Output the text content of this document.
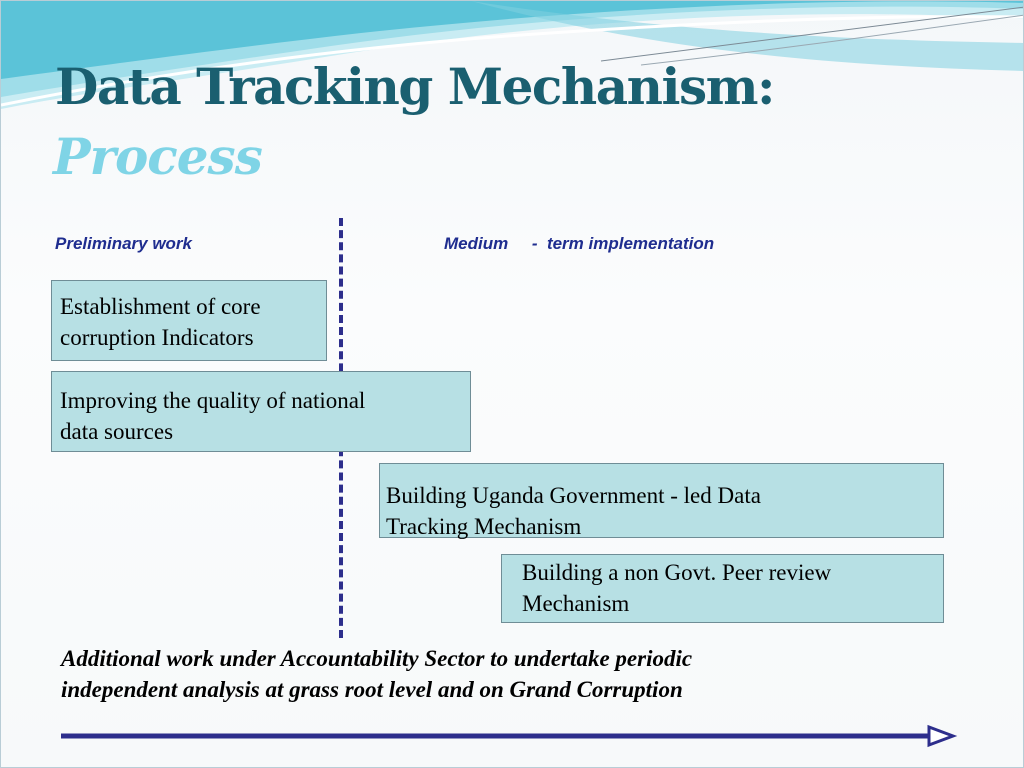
Data Tracking Mechanism:
Process
Preliminary work	Medium     -  term implementation
Establishment of core
corruption Indicators
Improving the quality of national
data sources
Building Uganda Government - led Data
Tracking Mechanism
Building a non Govt. Peer review
Mechanism
Additional work under Accountability Sector to undertake periodic
independent analysis at grass root level and on Grand Corruption
